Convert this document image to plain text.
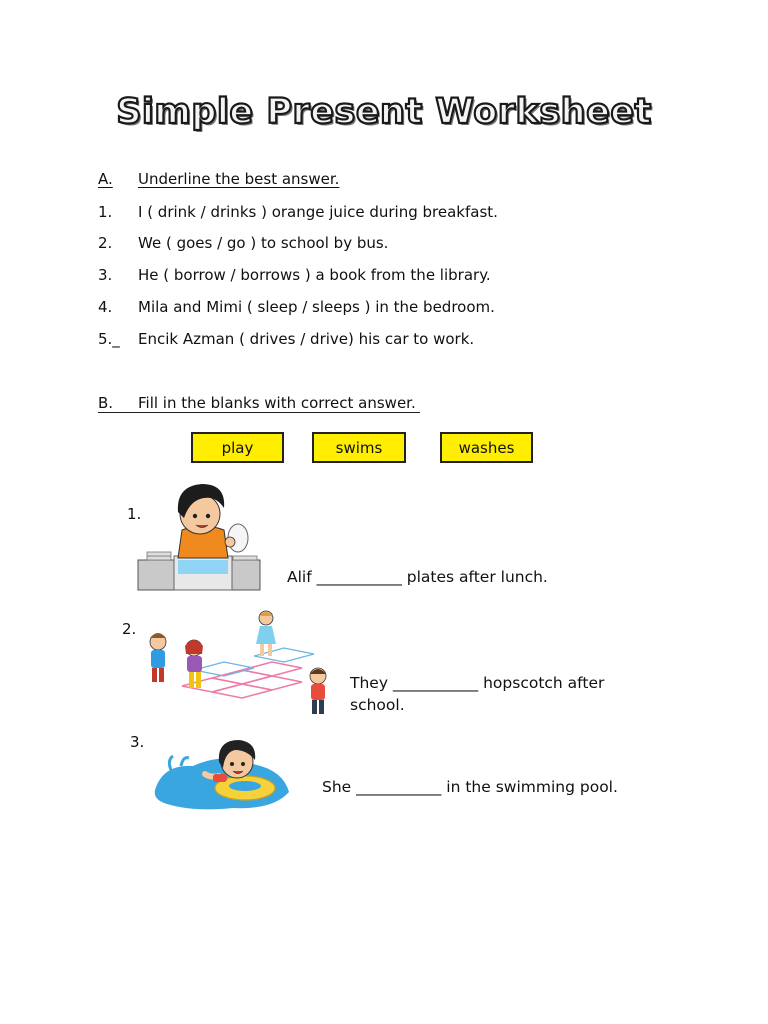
Simple Present Worksheet
A. Underline the best answer.
1. I ( drink / drinks ) orange juice during breakfast.
2. We ( goes / go ) to school by bus.
3. He ( borrow / borrows ) a book from the library.
4. Mila and Mimi ( sleep / sleeps ) in the bedroom.
5._ Encik Azman ( drives / drive) his car to work.
B. Fill in the blanks with correct answer.
play	swims	washes
1.
Alif ___________ plates after lunch.
2.
They ___________ hopscotch after
school.
3.
She ___________ in the swimming pool.
